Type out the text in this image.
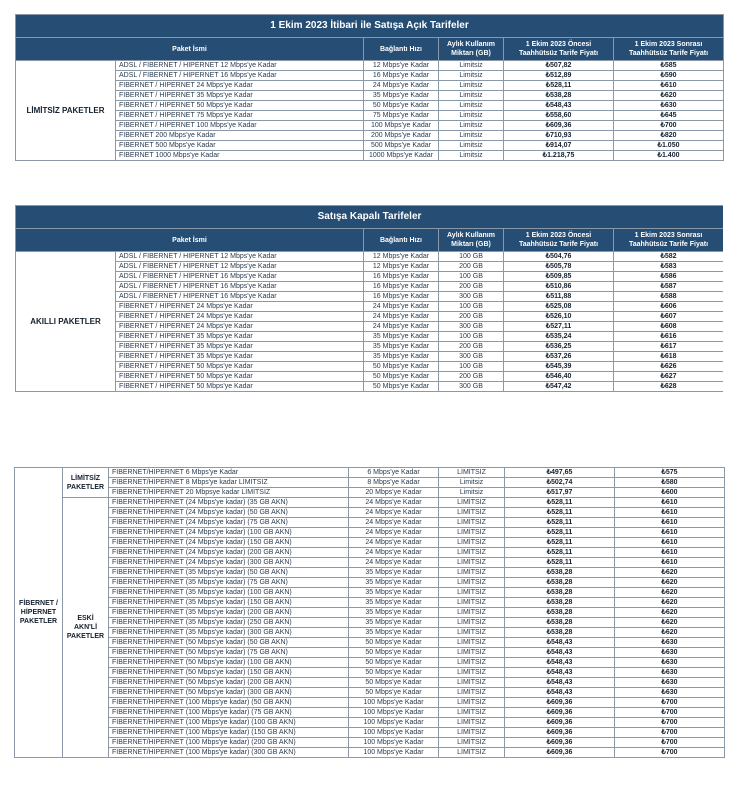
1 Ekim 2023 İtibari ile Satışa Açık Tarifeler					
Paket İsmi		Bağlantı Hızı	Aylık Kullanım Miktarı (GB)	1 Ekim 2023 Öncesi Taahhütsüz Tarife Fiyatı	1 Ekim 2023 Sonrası Taahhütsüz Tarife Fiyatı
LİMİTSİZ PAKETLER	ADSL / FİBERNET / HİPERNET 12 Mbps'ye Kadar	12 Mbps'ye Kadar	Limitsiz	₺507,82	₺585
	ADSL / FİBERNET / HİPERNET 16 Mbps'ye Kadar	16 Mbps'ye Kadar	Limitsiz	₺512,89	₺590
	FİBERNET / HİPERNET 24 Mbps'ye Kadar	24 Mbps'ye Kadar	Limitsiz	₺528,11	₺610
	FİBERNET / HİPERNET 35 Mbps'ye Kadar	35 Mbps'ye Kadar	Limitsiz	₺538,28	₺620
	FİBERNET / HİPERNET 50 Mbps'ye Kadar	50 Mbps'ye Kadar	Limitsiz	₺548,43	₺630
	FİBERNET / HİPERNET 75 Mbps'ye Kadar	75 Mbps'ye Kadar	Limitsiz	₺558,60	₺645
	FİBERNET / HİPERNET 100 Mbps'ye Kadar	100 Mbps'ye Kadar	Limitsiz	₺609,36	₺700
	FİBERNET 200 Mbps'ye Kadar	200 Mbps'ye Kadar	Limitsiz	₺710,93	₺820
	FİBERNET 500 Mbps'ye Kadar	500 Mbps'ye Kadar	Limitsiz	₺914,07	₺1.050
	FİBERNET 1000 Mbps'ye Kadar	1000 Mbps'ye Kadar	Limitsiz	₺1.218,75	₺1.400
Satışa Kapalı Tarifeler					
Paket İsmi		Bağlantı Hızı	Aylık Kullanım Miktarı (GB)	1 Ekim 2023 Öncesi Taahhütsüz Tarife Fiyatı	1 Ekim 2023 Sonrası Taahhütsüz Tarife Fiyatı
AKILLI PAKETLER	ADSL / FİBERNET / HİPERNET 12 Mbps'ye Kadar	12 Mbps'ye Kadar	100 GB	₺504,76	₺582
	ADSL / FİBERNET / HİPERNET 12 Mbps'ye Kadar	12 Mbps'ye Kadar	200 GB	₺505,78	₺583
	ADSL / FİBERNET / HİPERNET 16 Mbps'ye Kadar	16 Mbps'ye Kadar	100 GB	₺509,85	₺586
	ADSL / FİBERNET / HİPERNET 16 Mbps'ye Kadar	16 Mbps'ye Kadar	200 GB	₺510,86	₺587
	ADSL / FİBERNET / HİPERNET 16 Mbps'ye Kadar	16 Mbps'ye Kadar	300 GB	₺511,88	₺588
	FİBERNET / HİPERNET 24 Mbps'ye Kadar	24 Mbps'ye Kadar	100 GB	₺525,08	₺606
	FİBERNET / HİPERNET 24 Mbps'ye Kadar	24 Mbps'ye Kadar	200 GB	₺526,10	₺607
	FİBERNET / HİPERNET 24 Mbps'ye Kadar	24 Mbps'ye Kadar	300 GB	₺527,11	₺608
	FİBERNET / HİPERNET 35 Mbps'ye Kadar	35 Mbps'ye Kadar	100 GB	₺535,24	₺616
	FİBERNET / HİPERNET 35 Mbps'ye Kadar	35 Mbps'ye Kadar	200 GB	₺536,25	₺617
	FİBERNET / HİPERNET 35 Mbps'ye Kadar	35 Mbps'ye Kadar	300 GB	₺537,26	₺618
	FİBERNET / HİPERNET 50 Mbps'ye Kadar	50 Mbps'ye Kadar	100 GB	₺545,39	₺626
	FİBERNET / HİPERNET 50 Mbps'ye Kadar	50 Mbps'ye Kadar	200 GB	₺546,40	₺627
	FİBERNET / HİPERNET 50 Mbps'ye Kadar	50 Mbps'ye Kadar	300 GB	₺547,42	₺628
FİBERNET / HİPERNET PAKETLER	LİMİTSİZ PAKETLER	FİBERNET/HİPERNET 6 Mbps'ye Kadar	6 Mbps'ye Kadar	LİMİTSİZ	₺497,65	₺575
		FİBERNET/HİPERNET 8 Mbps'ye kadar LİMİTSİZ	8 Mbps'ye Kadar	Limitsiz	₺502,74	₺580
		FİBERNET/HİPERNET 20 Mbpsye kadar LİMİTSİZ	20 Mbps'ye Kadar	Limitsiz	₺517,97	₺600
	ESKİ AKN'Lİ PAKETLER	FİBERNET/HİPERNET (24 Mbps'ye kadar) (35 GB AKN)	24 Mbps'ye Kadar	LİMİTSİZ	₺528,11	₺610
		FİBERNET/HİPERNET (24 Mbps'ye kadar) (50 GB AKN)	24 Mbps'ye Kadar	LİMİTSİZ	₺528,11	₺610
		FİBERNET/HİPERNET (24 Mbps'ye kadar) (75 GB AKN)	24 Mbps'ye Kadar	LİMİTSİZ	₺528,11	₺610
		FİBERNET/HİPERNET (24 Mbps'ye kadar) (100 GB AKN)	24 Mbps'ye Kadar	LİMİTSİZ	₺528,11	₺610
		FİBERNET/HİPERNET (24 Mbps'ye kadar) (150 GB AKN)	24 Mbps'ye Kadar	LİMİTSİZ	₺528,11	₺610
		FİBERNET/HİPERNET (24 Mbps'ye kadar) (200 GB AKN)	24 Mbps'ye Kadar	LİMİTSİZ	₺528,11	₺610
		FİBERNET/HİPERNET (24 Mbps'ye kadar) (300 GB AKN)	24 Mbps'ye Kadar	LİMİTSİZ	₺528,11	₺610
		FİBERNET/HİPERNET (35 Mbps'ye kadar) (50 GB AKN)	35 Mbps'ye Kadar	LİMİTSİZ	₺538,28	₺620
		FİBERNET/HİPERNET (35 Mbps'ye kadar) (75 GB AKN)	35 Mbps'ye Kadar	LİMİTSİZ	₺538,28	₺620
		FİBERNET/HİPERNET (35 Mbps'ye kadar) (100 GB AKN)	35 Mbps'ye Kadar	LİMİTSİZ	₺538,28	₺620
		FİBERNET/HİPERNET (35 Mbps'ye kadar) (150 GB AKN)	35 Mbps'ye Kadar	LİMİTSİZ	₺538,28	₺620
		FİBERNET/HİPERNET (35 Mbps'ye kadar) (200 GB AKN)	35 Mbps'ye Kadar	LİMİTSİZ	₺538,28	₺620
		FİBERNET/HİPERNET (35 Mbps'ye kadar) (250 GB AKN)	35 Mbps'ye Kadar	LİMİTSİZ	₺538,28	₺620
		FİBERNET/HİPERNET (35 Mbps'ye kadar) (300 GB AKN)	35 Mbps'ye Kadar	LİMİTSİZ	₺538,28	₺620
		FİBERNET/HİPERNET (50 Mbps'ye kadar) (50 GB AKN)	50 Mbps'ye Kadar	LİMİTSİZ	₺548,43	₺630
		FİBERNET/HİPERNET (50 Mbps'ye kadar) (75 GB AKN)	50 Mbps'ye Kadar	LİMİTSİZ	₺548,43	₺630
		FİBERNET/HİPERNET (50 Mbps'ye kadar) (100 GB AKN)	50 Mbps'ye Kadar	LİMİTSİZ	₺548,43	₺630
		FİBERNET/HİPERNET (50 Mbps'ye kadar) (150 GB AKN)	50 Mbps'ye Kadar	LİMİTSİZ	₺548,43	₺630
		FİBERNET/HİPERNET (50 Mbps'ye kadar) (200 GB AKN)	50 Mbps'ye Kadar	LİMİTSİZ	₺548,43	₺630
		FİBERNET/HİPERNET (50 Mbps'ye kadar) (300 GB AKN)	50 Mbps'ye Kadar	LİMİTSİZ	₺548,43	₺630
		FİBERNET/HİPERNET (100 Mbps'ye kadar) (50 GB AKN)	100 Mbps'ye Kadar	LİMİTSİZ	₺609,36	₺700
		FİBERNET/HİPERNET (100 Mbps'ye kadar) (75 GB AKN)	100 Mbps'ye Kadar	LİMİTSİZ	₺609,36	₺700
		FİBERNET/HİPERNET (100 Mbps'ye kadar) (100 GB AKN)	100 Mbps'ye Kadar	LİMİTSİZ	₺609,36	₺700
		FİBERNET/HİPERNET (100 Mbps'ye kadar) (150 GB AKN)	100 Mbps'ye Kadar	LİMİTSİZ	₺609,36	₺700
		FİBERNET/HİPERNET (100 Mbps'ye kadar) (200 GB AKN)	100 Mbps'ye Kadar	LİMİTSİZ	₺609,36	₺700
		FİBERNET/HİPERNET (100 Mbps'ye kadar) (300 GB AKN)	100 Mbps'ye Kadar	LİMİTSİZ	₺609,36	₺700
